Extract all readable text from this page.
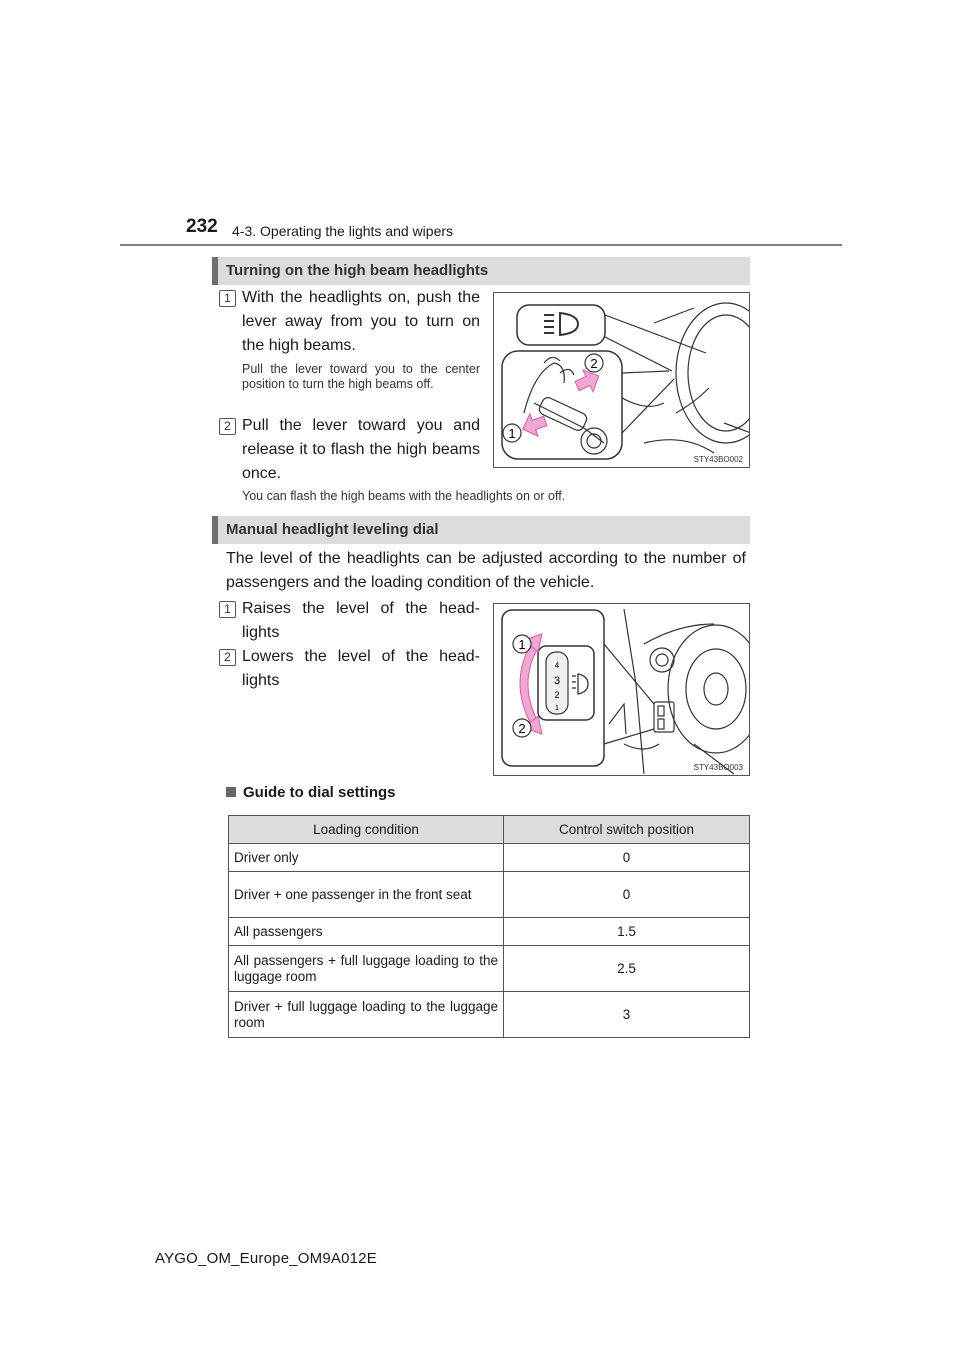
232 4-3. Operating the lights and wipers
Turning on the high beam headlights
1 With the headlights on, push the lever away from you to turn on the high beams.
Pull the lever toward you to the center position to turn the high beams off.
2 Pull the lever toward you and release it to flash the high beams once.
You can flash the high beams with the headlights on or off.
2
1
STY43BO002
Manual headlight leveling dial
The level of the headlights can be adjusted according to the number of passengers and the loading condition of the vehicle.
1 Raises the level of the head-lights
2 Lowers the level of the head-lights
4
3
2
1
1
2
STY43BO003
Guide to dial settings
Loading condition	Control switch position
Driver only	0
Driver + one passenger in the front seat	0
All passengers	1.5
All passengers + full luggage loading to the luggage room	2.5
Driver + full luggage loading to the luggage room	3
AYGO_OM_Europe_OM9A012E
